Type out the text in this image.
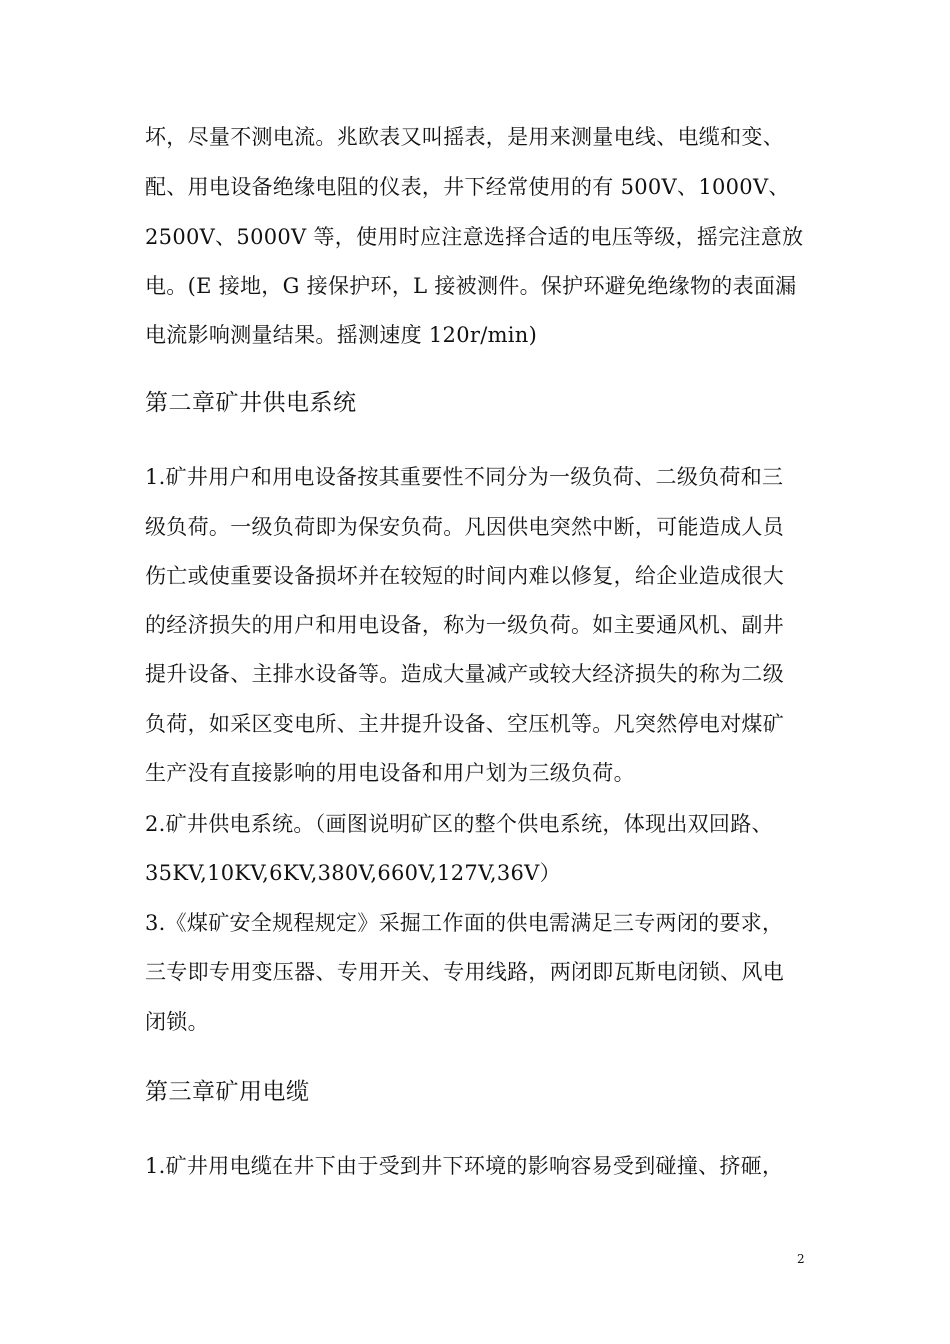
坏，尽量不测电流。兆欧表又叫摇表，是用来测量电线、电缆和变、
配、用电设备绝缘电阻的仪表，井下经常使用的有 500V、1000V、
2500V、5000V 等，使用时应注意选择合适的电压等级，摇完注意放
电。(E 接地，G 接保护环，L 接被测件。保护环避免绝缘物的表面漏
电流影响测量结果。摇测速度 120r/min)
第二章矿井供电系统
1.矿井用户和用电设备按其重要性不同分为一级负荷、二级负荷和三
级负荷。一级负荷即为保安负荷。凡因供电突然中断，可能造成人员
伤亡或使重要设备损坏并在较短的时间内难以修复，给企业造成很大
的经济损失的用户和用电设备，称为一级负荷。如主要通风机、副井
提升设备、主排水设备等。造成大量减产或较大经济损失的称为二级
负荷，如采区变电所、主井提升设备、空压机等。凡突然停电对煤矿
生产没有直接影响的用电设备和用户划为三级负荷。
2.矿井供电系统。（画图说明矿区的整个供电系统，体现出双回路、
35KV,10KV,6KV,380V,660V,127V,36V）
3.《煤矿安全规程规定》采掘工作面的供电需满足三专两闭的要求，
三专即专用变压器、专用开关、专用线路，两闭即瓦斯电闭锁、风电
闭锁。
第三章矿用电缆
1.矿井用电缆在井下由于受到井下环境的影响容易受到碰撞、挤砸，
2
